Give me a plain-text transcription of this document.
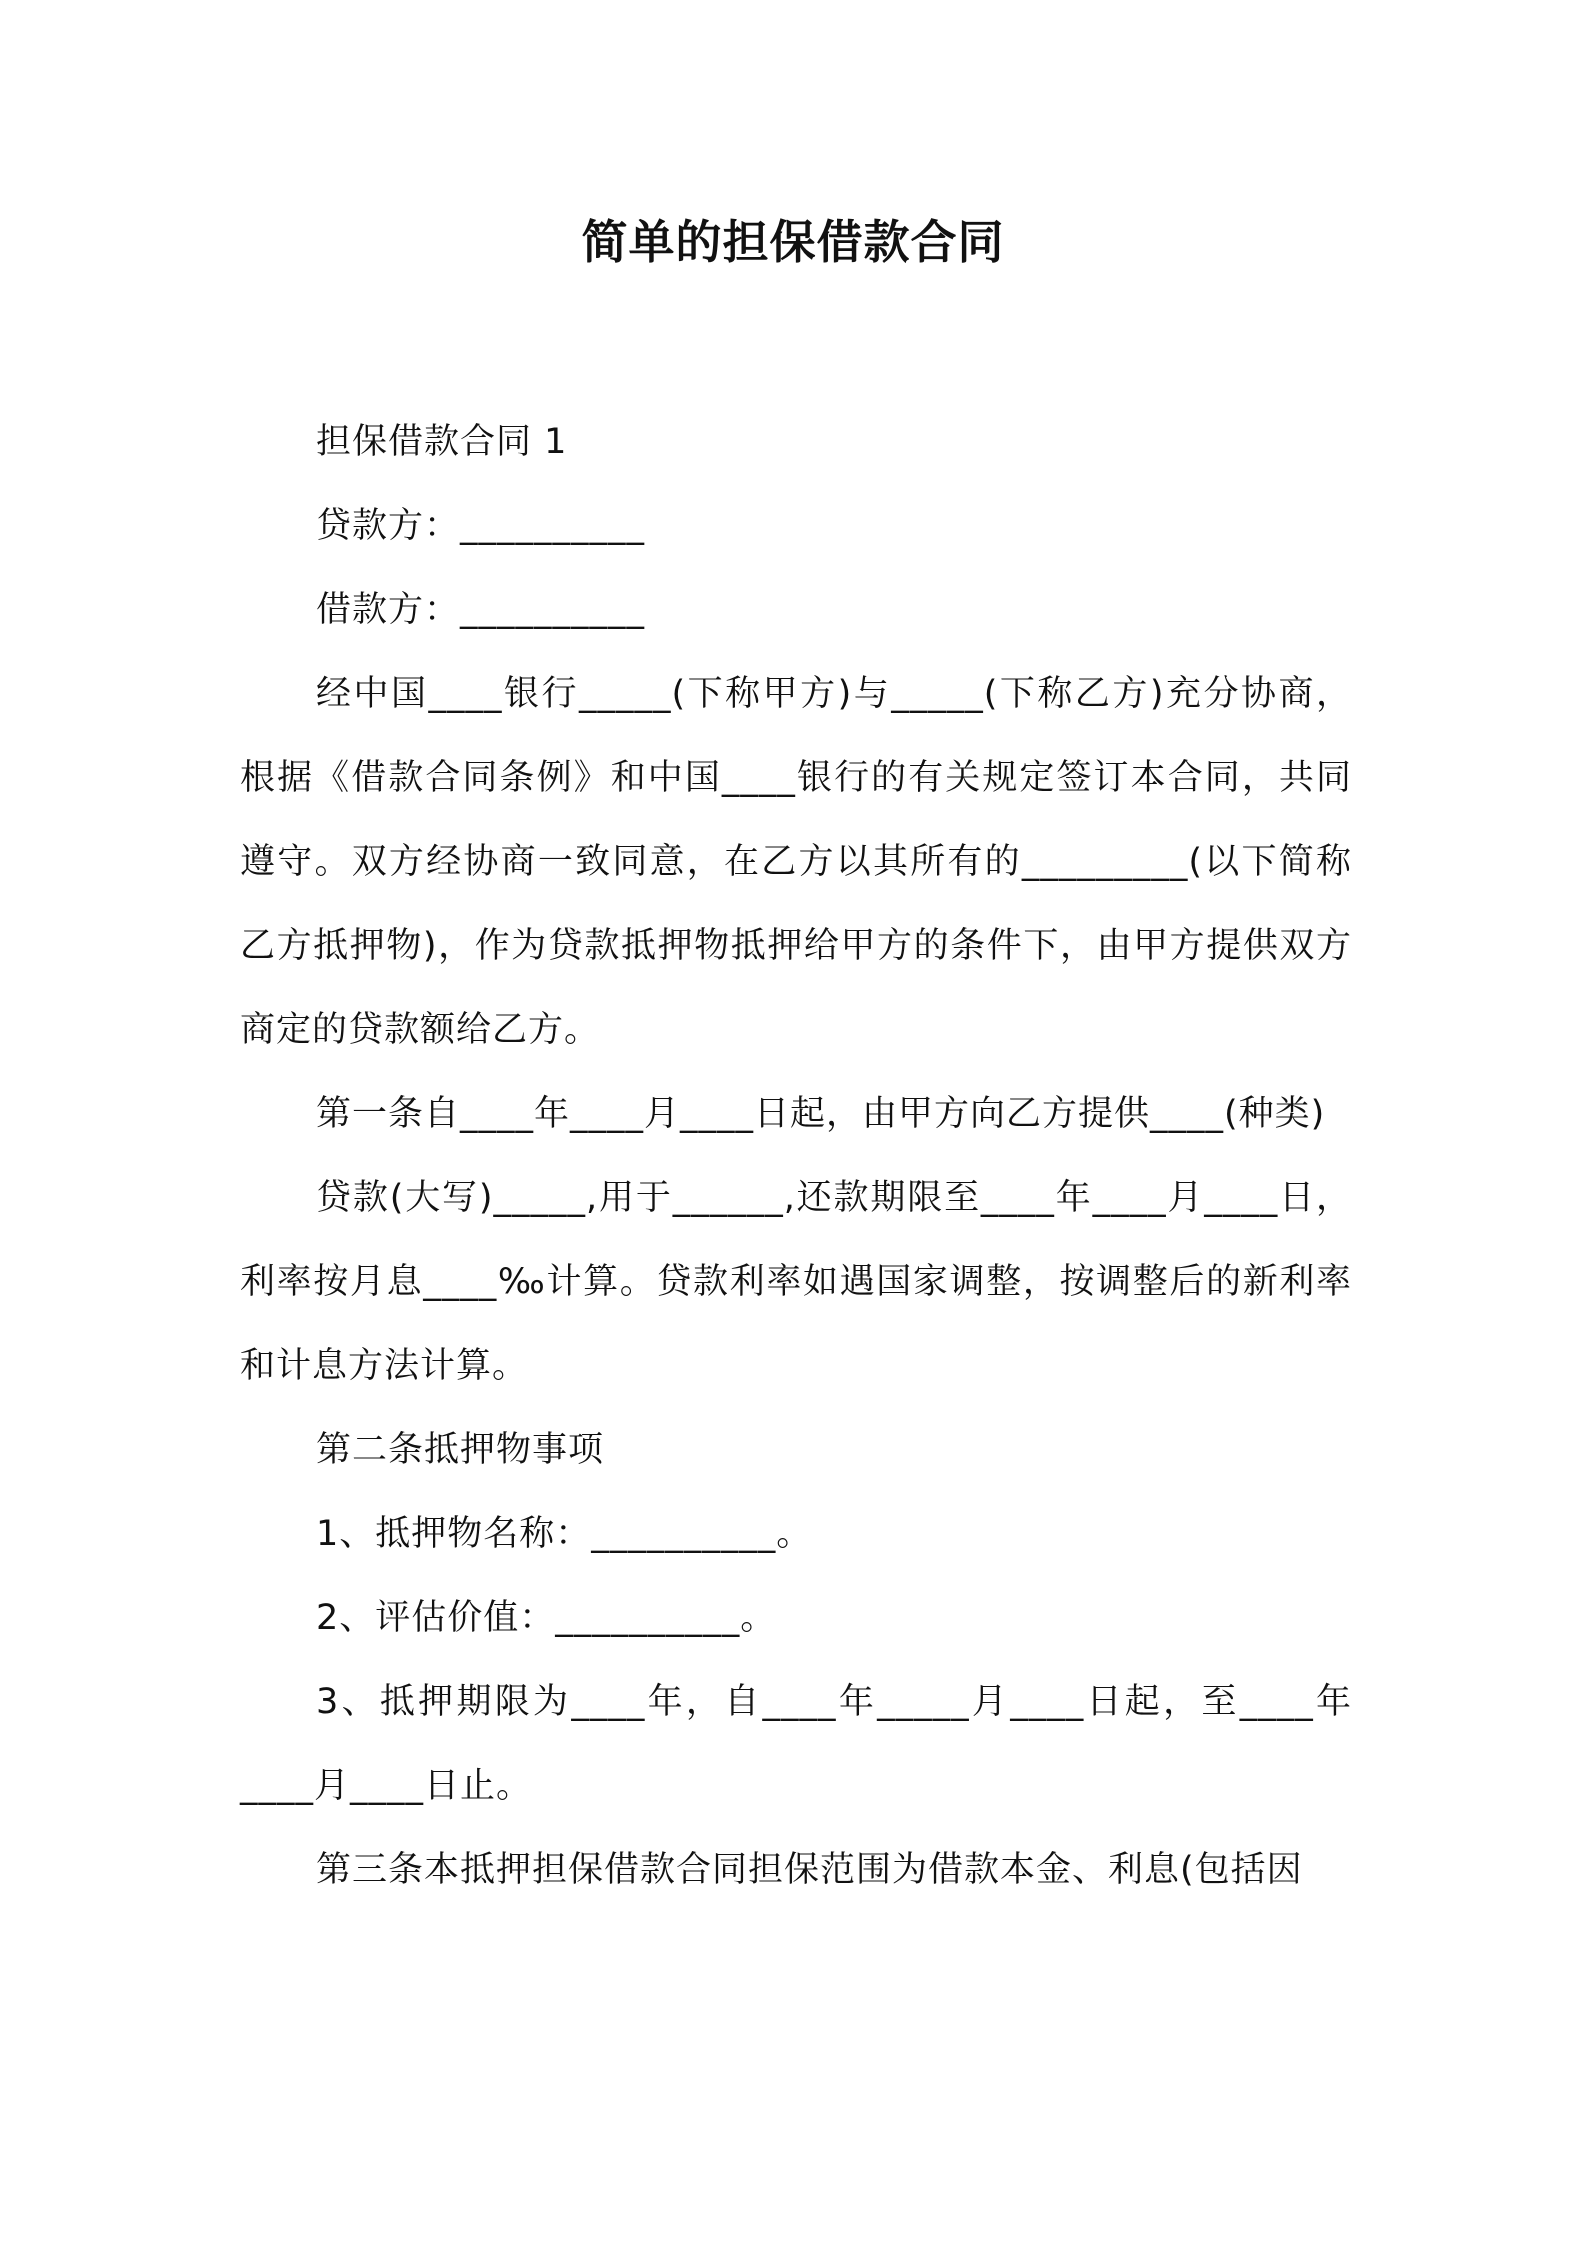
简单的担保借款合同

担保借款合同 1

贷款方：__________

借款方：__________

经中国____银行_____(下称甲方)与_____(下称乙方)充分协商，根据《借款合同条例》和中国____银行的有关规定签订本合同，共同遵守。双方经协商一致同意，在乙方以其所有的_________(以下简称乙方抵押物)，作为贷款抵押物抵押给甲方的条件下，由甲方提供双方商定的贷款额给乙方。

第一条自____年____月____日起，由甲方向乙方提供____(种类)

贷款(大写)_____,用于______,还款期限至____年____月____日，利率按月息____‰计算。贷款利率如遇国家调整，按调整后的新利率和计息方法计算。

第二条抵押物事项

1、抵押物名称：__________。

2、评估价值：__________。

3、抵押期限为____年，自____年_____月____日起，至____年____月____日止。

第三条本抵押担保借款合同担保范围为借款本金、利息(包括因
